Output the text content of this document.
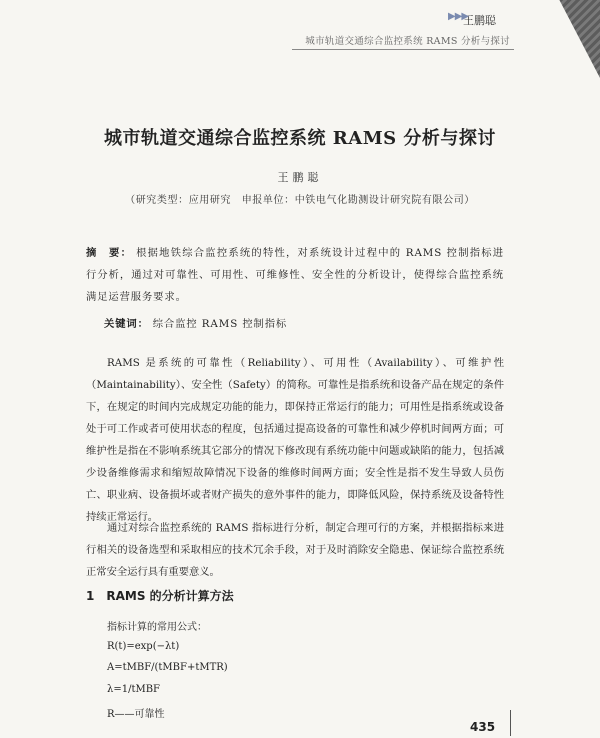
王鹏聪
▶▶▶
城市轨道交通综合监控系统 RAMS 分析与探讨
城市轨道交通综合监控系统 RAMS 分析与探讨
王鹏聪
（研究类型：应用研究　申报单位：中铁电气化勘测设计研究院有限公司）

摘　要： 根据地铁综合监控系统的特性，对系统设计过程中的 RAMS 控制指标进行分析，通过对可靠性、可用性、可维修性、安全性的分析设计，使得综合监控系统满足运营服务要求。

关键词： 综合监控 RAMS 控制指标

RAMS 是系统的可靠性（Reliability）、可用性（Availability）、可维护性（Maintainability）、安全性（Safety）的简称。可靠性是指系统和设备产品在规定的条件下，在规定的时间内完成规定功能的能力，即保持正常运行的能力；可用性是指系统或设备处于可工作或者可使用状态的程度，包括通过提高设备的可靠性和减少停机时间两方面；可维护性是指在不影响系统其它部分的情况下修改现有系统功能中问题或缺陷的能力，包括减少设备维修需求和缩短故障情况下设备的维修时间两方面；安全性是指不发生导致人员伤亡、职业病、设备损坏或者财产损失的意外事件的能力，即降低风险，保持系统及设备特性持续正常运行。

通过对综合监控系统的 RAMS 指标进行分析，制定合理可行的方案，并根据指标来进行相关的设备选型和采取相应的技术冗余手段，对于及时消除安全隐患、保证综合监控系统正常安全运行具有重要意义。

1 RAMS 的分析计算方法
指标计算的常用公式：
R(t)=exp(−λt)
A=tMBF/(tMBF+tMTR)
λ=1/tMBF
R——可靠性
435
